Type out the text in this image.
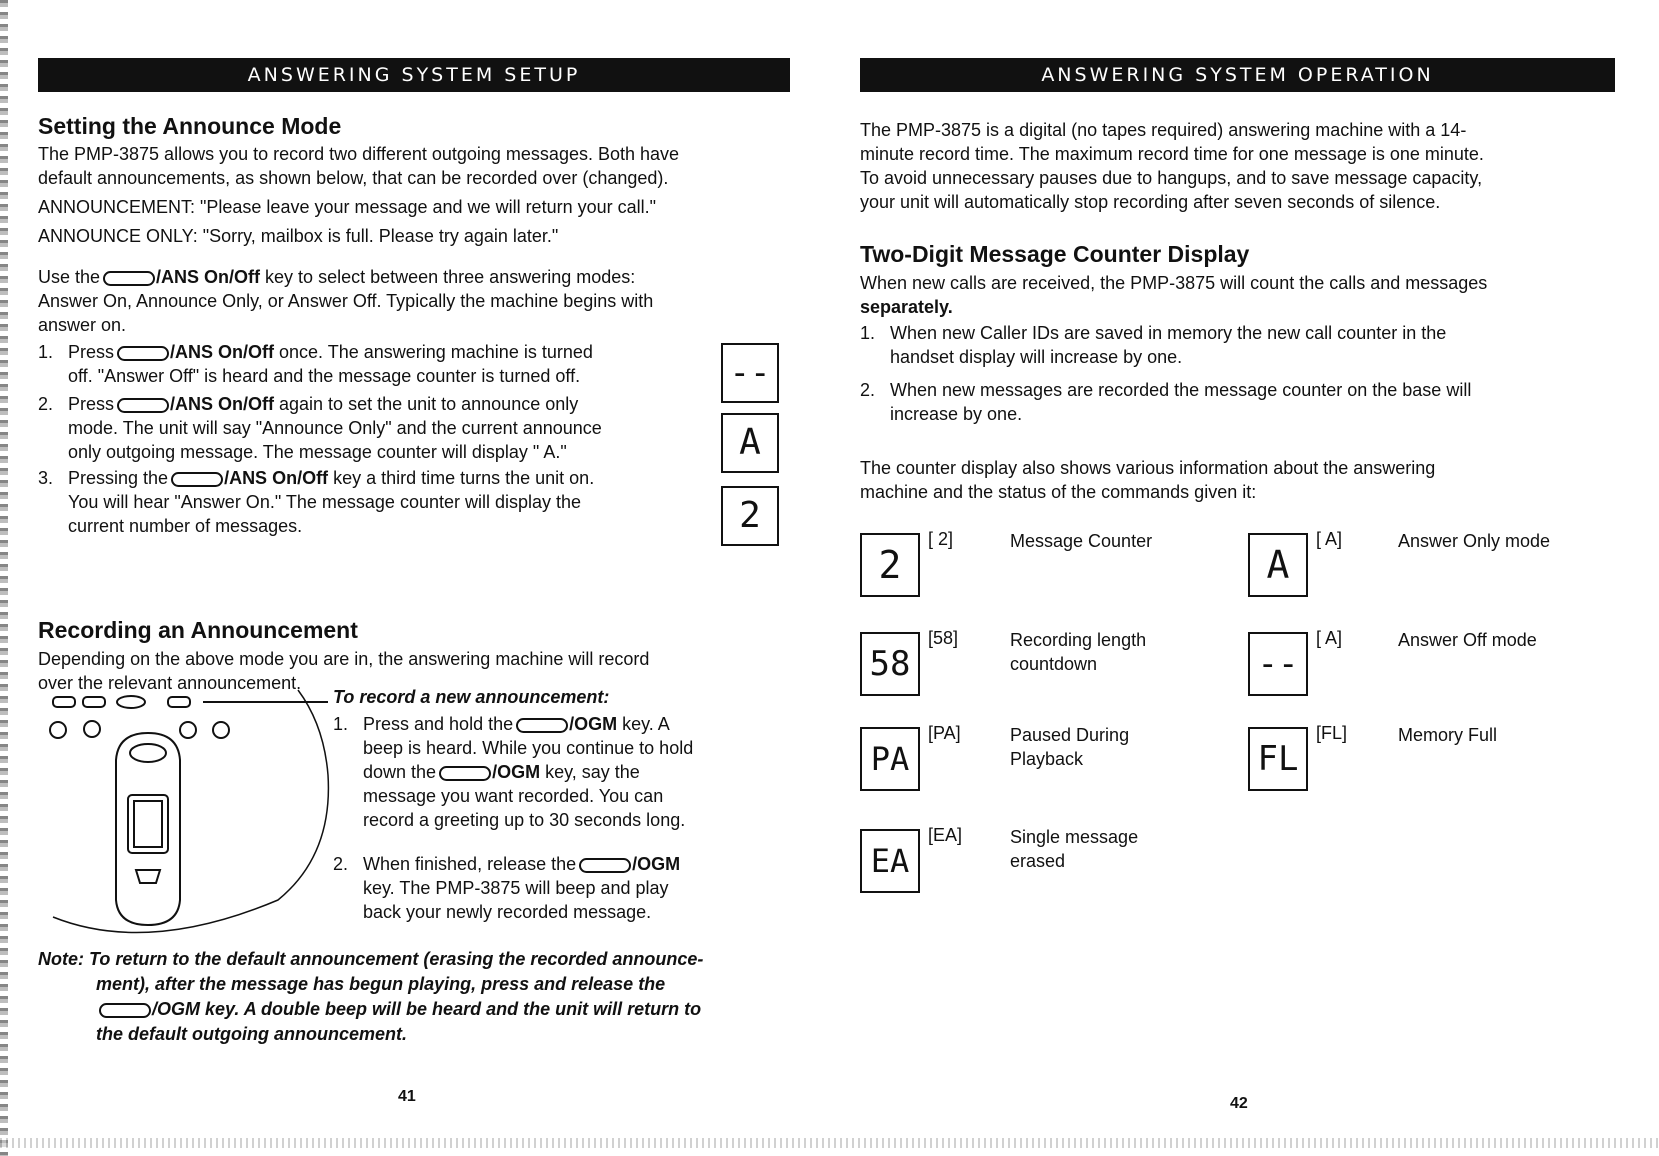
ANSWERING SYSTEM SETUP
Setting the Announce Mode

The PMP-3875 allows you to record two different outgoing messages. Both have

default announcements, as shown below, that can be recorded over (changed).

ANNOUNCEMENT: "Please leave your message and we will return your call."

ANNOUNCE ONLY: "Sorry, mailbox is full. Please try again later."

Use the	/ANS On/Off key to select between three answering modes:

Answer On, Announce Only, or Answer Off. Typically the machine begins with

answer on.

1. Press	/ANS On/Off once. The answering machine is turned
off. "Answer Off" is heard and the message counter is turned off.
2. Press	/ANS On/Off again to set the unit to announce only
mode. The unit will say "Announce Only" and the current announce
only outgoing message. The message counter will display " A."
3. Pressing the	/ANS On/Off key a third time turns the unit on.
You will hear "Answer On." The message counter will display the
current number of messages.
--
A
2
Recording an Announcement

Depending on the above mode you are in, the answering machine will record

over the relevant announcement.

To record a new announcement:
1. Press and hold the	/OGM key. A
beep is heard. While you continue to hold
down the	/OGM key, say the
message you want recorded. You can
record a greeting up to 30 seconds long.
2. When finished, release the	/OGM
key. The PMP-3875 will beep and play
back your newly recorded message.
Note: To return to the default announcement (erasing the recorded announce-
ment), after the message has begun playing, press and release the
/OGM key. A double beep will be heard and the unit will return to
the default outgoing announcement.
41
ANSWERING SYSTEM OPERATION

The PMP-3875 is a digital (no tapes required) answering machine with a 14-

minute record time. The maximum record time for one message is one minute.

To avoid unnecessary pauses due to hangups, and to save message capacity,

your unit will automatically stop recording after seven seconds of silence.

Two-Digit Message Counter Display

When new calls are received, the PMP-3875 will count the calls and messages

separately.

1. When new Caller IDs are saved in memory the new call counter in the
handset display will increase by one.
2. When new messages are recorded the message counter on the base will
increase by one.

The counter display also shows various information about the answering

machine and the status of the commands given it:

2
[ 2]	Message Counter
58
[58]	Recording length
countdown
PA
[PA]	Paused During
Playback
EA
[EA]	Single message
erased
A
[ A]	Answer Only mode
--
[ A]	Answer Off mode
FL
[FL]	Memory Full
42
